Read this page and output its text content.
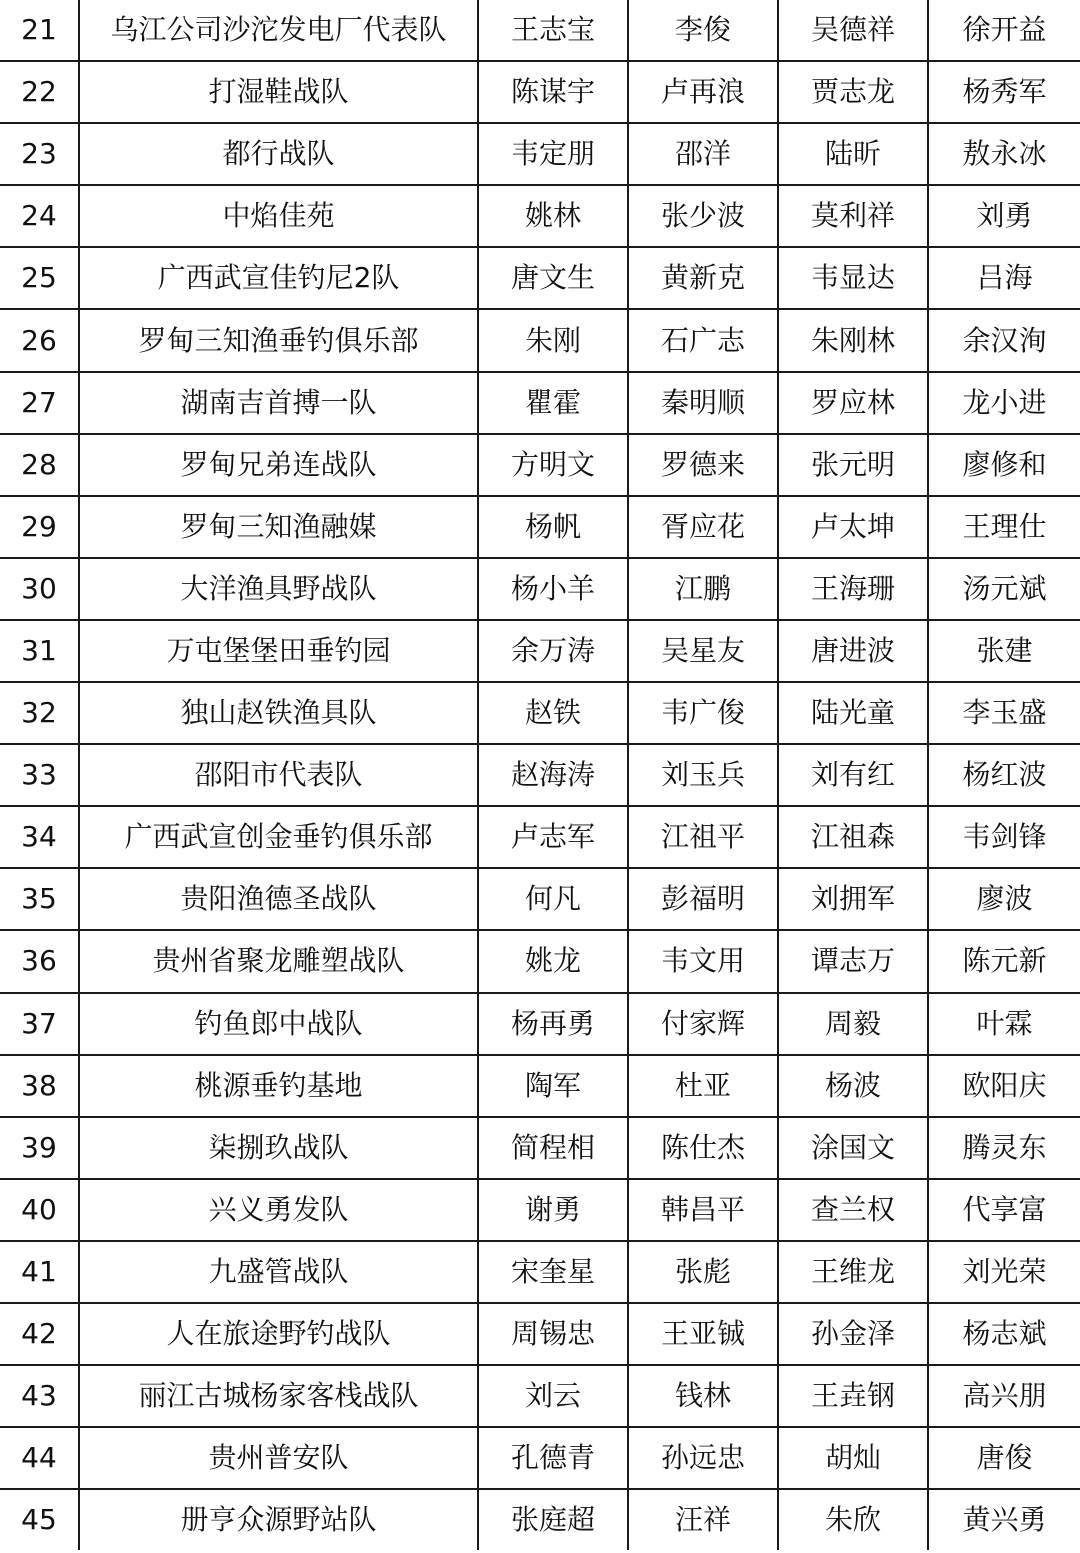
21	乌江公司沙沱发电厂代表队	王志宝	李俊	吴德祥	徐开益
22	打湿鞋战队	陈谋宇	卢再浪	贾志龙	杨秀军
23	都行战队	韦定朋	邵洋	陆昕	敖永冰
24	中焰佳苑	姚林	张少波	莫利祥	刘勇
25	广西武宣佳钓尼2队	唐文生	黄新克	韦显达	吕海
26	罗甸三知渔垂钓俱乐部	朱刚	石广志	朱刚林	余汉洵
27	湖南吉首搏一队	瞿霍	秦明顺	罗应林	龙小进
28	罗甸兄弟连战队	方明文	罗德来	张元明	廖修和
29	罗甸三知渔融媒	杨帆	胥应花	卢太坤	王理仕
30	大洋渔具野战队	杨小羊	江鹏	王海珊	汤元斌
31	万屯堡堡田垂钓园	余万涛	吴星友	唐进波	张建
32	独山赵铁渔具队	赵铁	韦广俊	陆光童	李玉盛
33	邵阳市代表队	赵海涛	刘玉兵	刘有红	杨红波
34	广西武宣创金垂钓俱乐部	卢志军	江祖平	江祖森	韦剑锋
35	贵阳渔德圣战队	何凡	彭福明	刘拥军	廖波
36	贵州省聚龙雕塑战队	姚龙	韦文用	谭志万	陈元新
37	钓鱼郎中战队	杨再勇	付家辉	周毅	叶霖
38	桃源垂钓基地	陶军	杜亚	杨波	欧阳庆
39	柒捌玖战队	简程相	陈仕杰	涂国文	腾灵东
40	兴义勇发队	谢勇	韩昌平	查兰权	代享富
41	九盛管战队	宋奎星	张彪	王维龙	刘光荣
42	人在旅途野钓战队	周锡忠	王亚铖	孙金泽	杨志斌
43	丽江古城杨家客栈战队	刘云	钱林	王垚钢	高兴朋
44	贵州普安队	孔德青	孙远忠	胡灿	唐俊
45	册亨众源野站队	张庭超	汪祥	朱欣	黄兴勇
